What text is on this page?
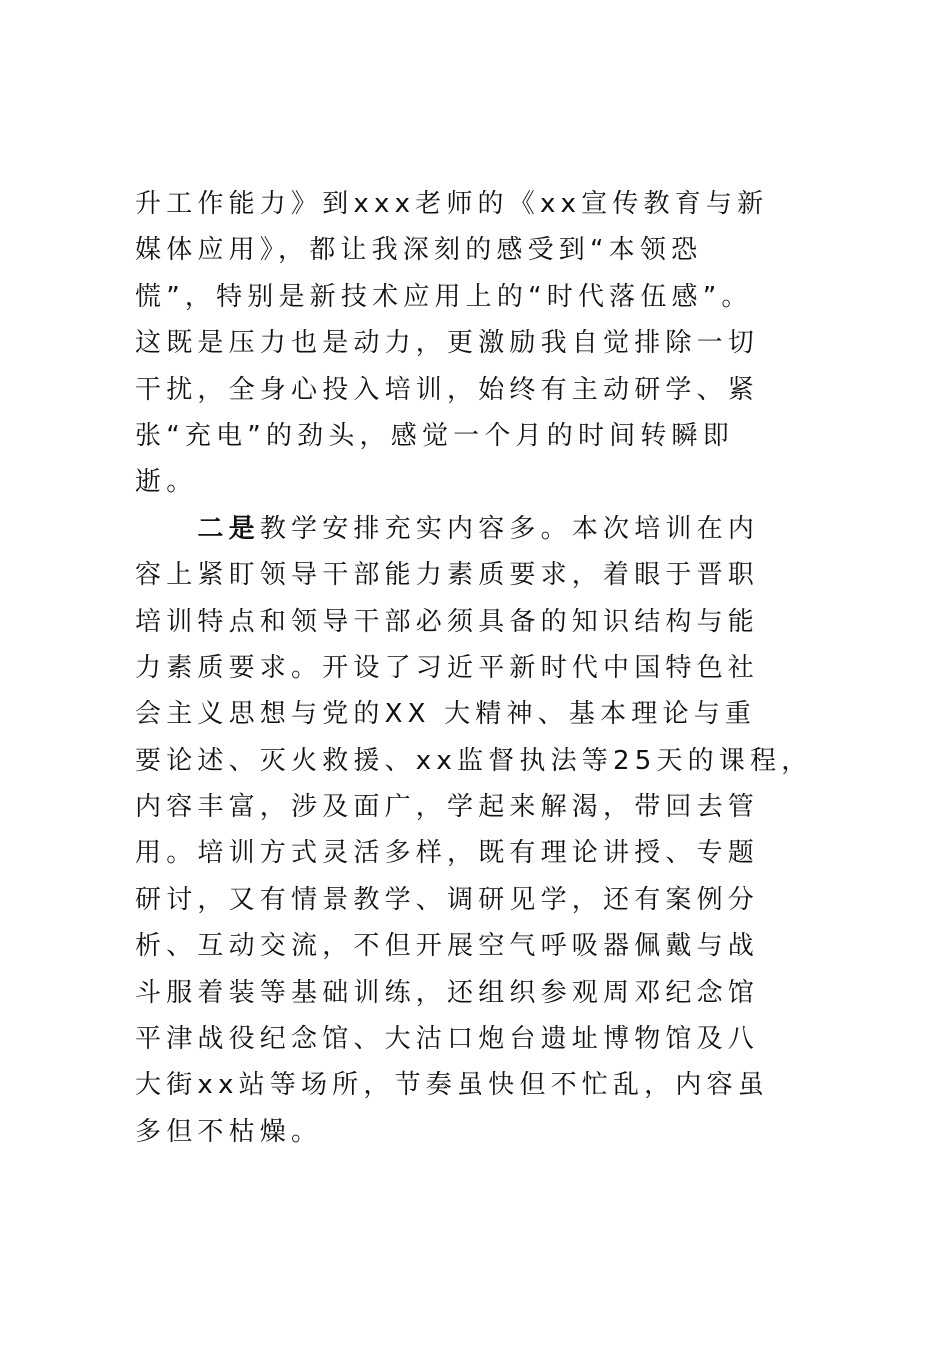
升工作能力》到xxx老师的《xx宣传教育与新
媒体应用》，都让我深刻的感受到“本领恐
慌”，特别是新技术应用上的“时代落伍感”。
这既是压力也是动力，更激励我自觉排除一切
干扰，全身心投入培训，始终有主动研学、紧
张“充电”的劲头，感觉一个月的时间转瞬即
逝。
　　二是教学安排充实内容多。本次培训在内
容上紧盯领导干部能力素质要求，着眼于晋职
培训特点和领导干部必须具备的知识结构与能
力素质要求。开设了习近平新时代中国特色社
会主义思想与党的XX 大精神、基本理论与重
要论述、灭火救援、xx监督执法等25天的课程，
内容丰富，涉及面广，学起来解渴，带回去管
用。培训方式灵活多样，既有理论讲授、专题
研讨，又有情景教学、调研见学，还有案例分
析、互动交流，不但开展空气呼吸器佩戴与战
斗服着装等基础训练，还组织参观周邓纪念馆
平津战役纪念馆、大沽口炮台遗址博物馆及八
大街xx站等场所，节奏虽快但不忙乱，内容虽
多但不枯燥。
